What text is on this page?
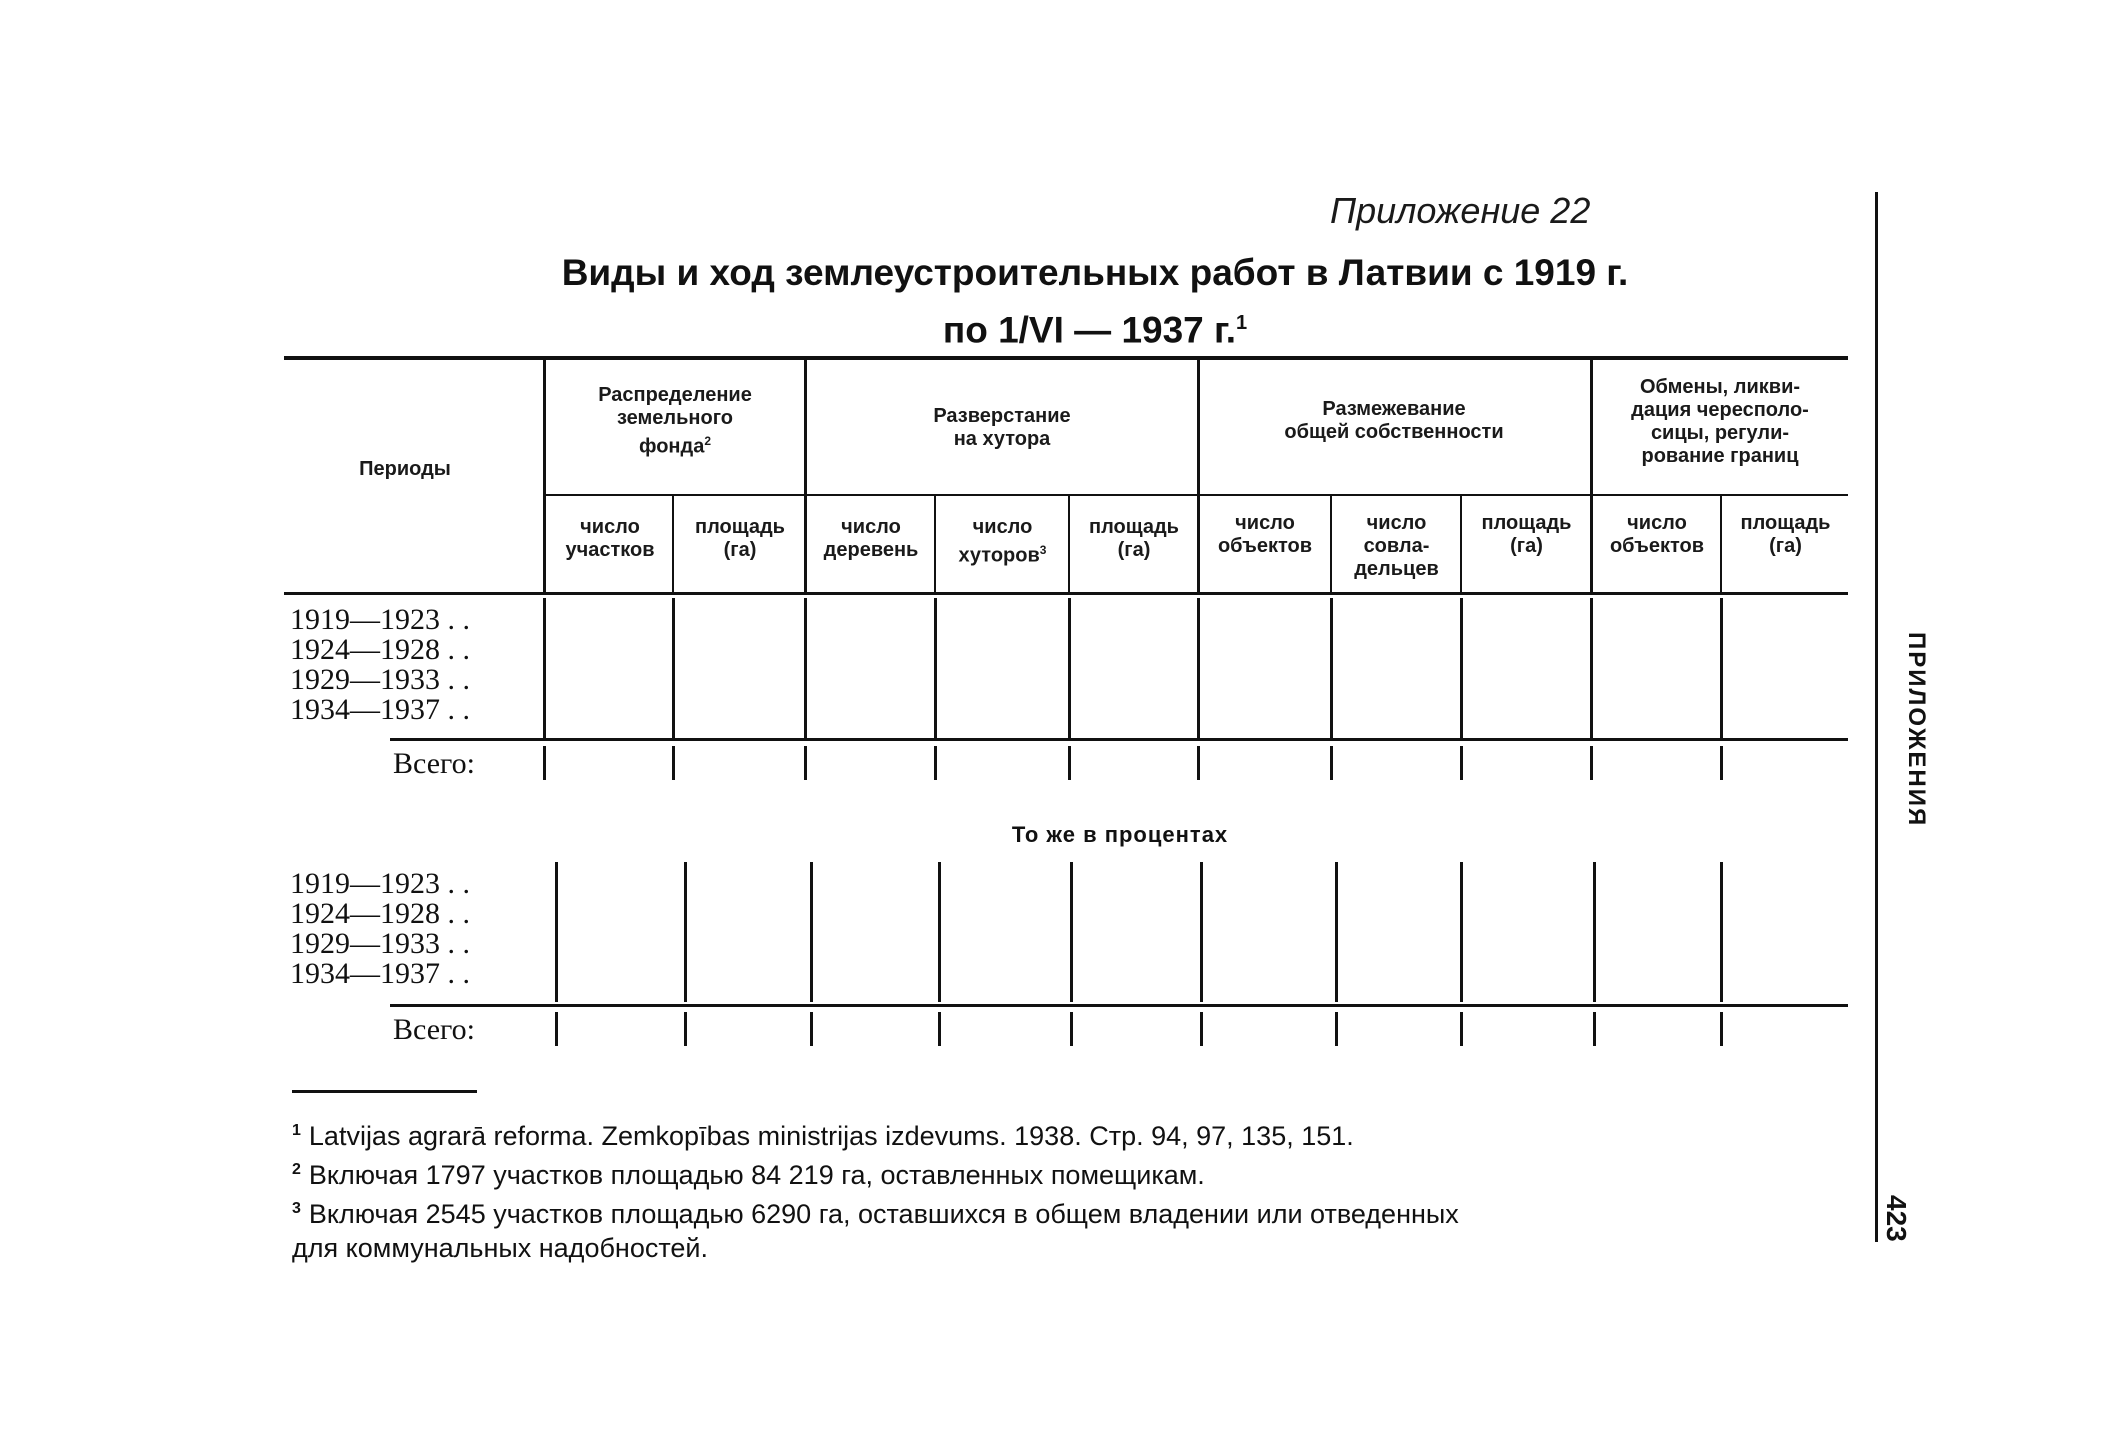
Приложение 22
Виды и ход землеустроительных работ в Латвии с 1919 г.
по 1/VI — 1937 г.$^1$
Периоды
Распределение
земельного
фонда$^2$
Разверстание
на хутора
Размежевание
общей собственности
Обмены, ликви-
дация чересполо-
сицы, регули-
рование границ
число
участков
площадь
(га)
число
деревень
число
хуторов$^3$
площадь
(га)
число
объектов
число
совла-
дельцев
площадь
(га)
число
объектов
площадь
(га)
1919—1923 . .
1924—1928 . .
1929—1933 . .
1934—1937 . .
Всего:
То же в процентах
1919—1923 . .
1924—1928 . .
1929—1933 . .
1934—1937 . .
Всего:
$^1$ Latvijas agrarā reforma. Zemkopības ministrijas izdevums. 1938. Стр. 94, 97, 135, 151.
$^2$ Включая 1797 участков площадью 84 219 га, оставленных помещикам.
$^3$ Включая 2545 участков площадью 6290 га, оставшихся в общем владении или отведенных
для коммунальных надобностей.
ПРИЛОЖЕНИЯ
423
